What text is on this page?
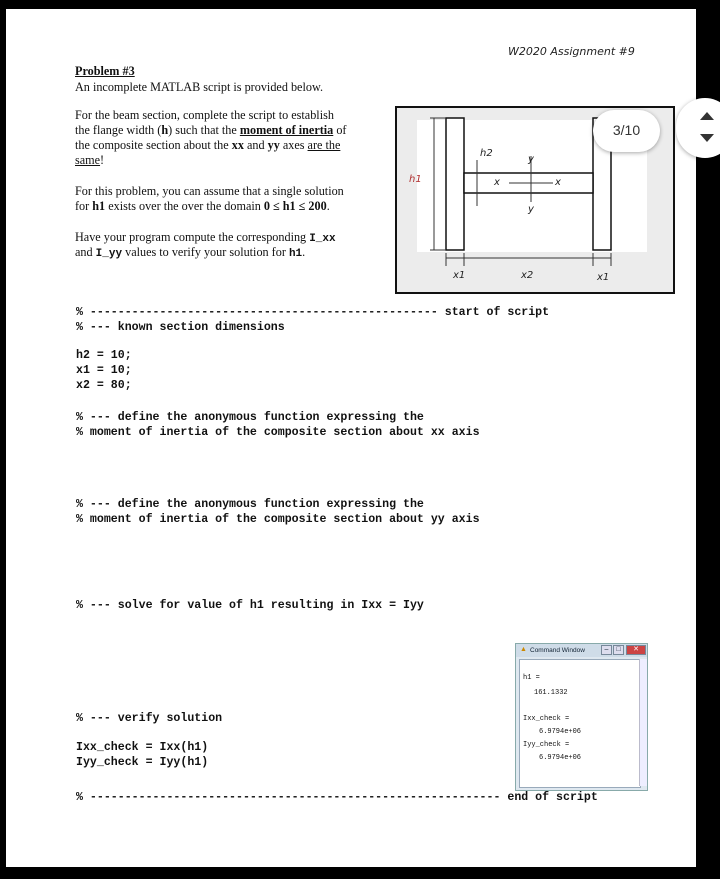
W2020 Assignment #9
Problem #3
An incomplete MATLAB script is provided below.
For the beam section, complete the script to establish
the flange width (h) such that the moment of inertia of
the composite section about the xx and yy axes are the
same!
For this problem, you can assume that a single solution
for h1 exists over the over the domain 0 ≤ h1 ≤ 200.
Have your program compute the corresponding I_xx
and I_yy values to verify your solution for h1.
h1
h2
y
y
x	x
x1	x2	x1
% -------------------------------------------------- start of script
% --- known section dimensions
h2 = 10;
x1 = 10;
x2 = 80;
% --- define the anonymous function expressing the
% moment of inertia of the composite section about xx axis
% --- define the anonymous function expressing the
% moment of inertia of the composite section about yy axis
% --- solve for value of h1 resulting in Ixx = Iyy
% --- verify solution
Ixx_check = Ixx(h1)
Iyy_check = Iyy(h1)
% ----------------------------------------------------------- end of script
▲ Command Window	–	□	✕
h1 =
161.1332
Ixx_check =
6.9794e+06
Iyy_check =
6.9794e+06
3/10
